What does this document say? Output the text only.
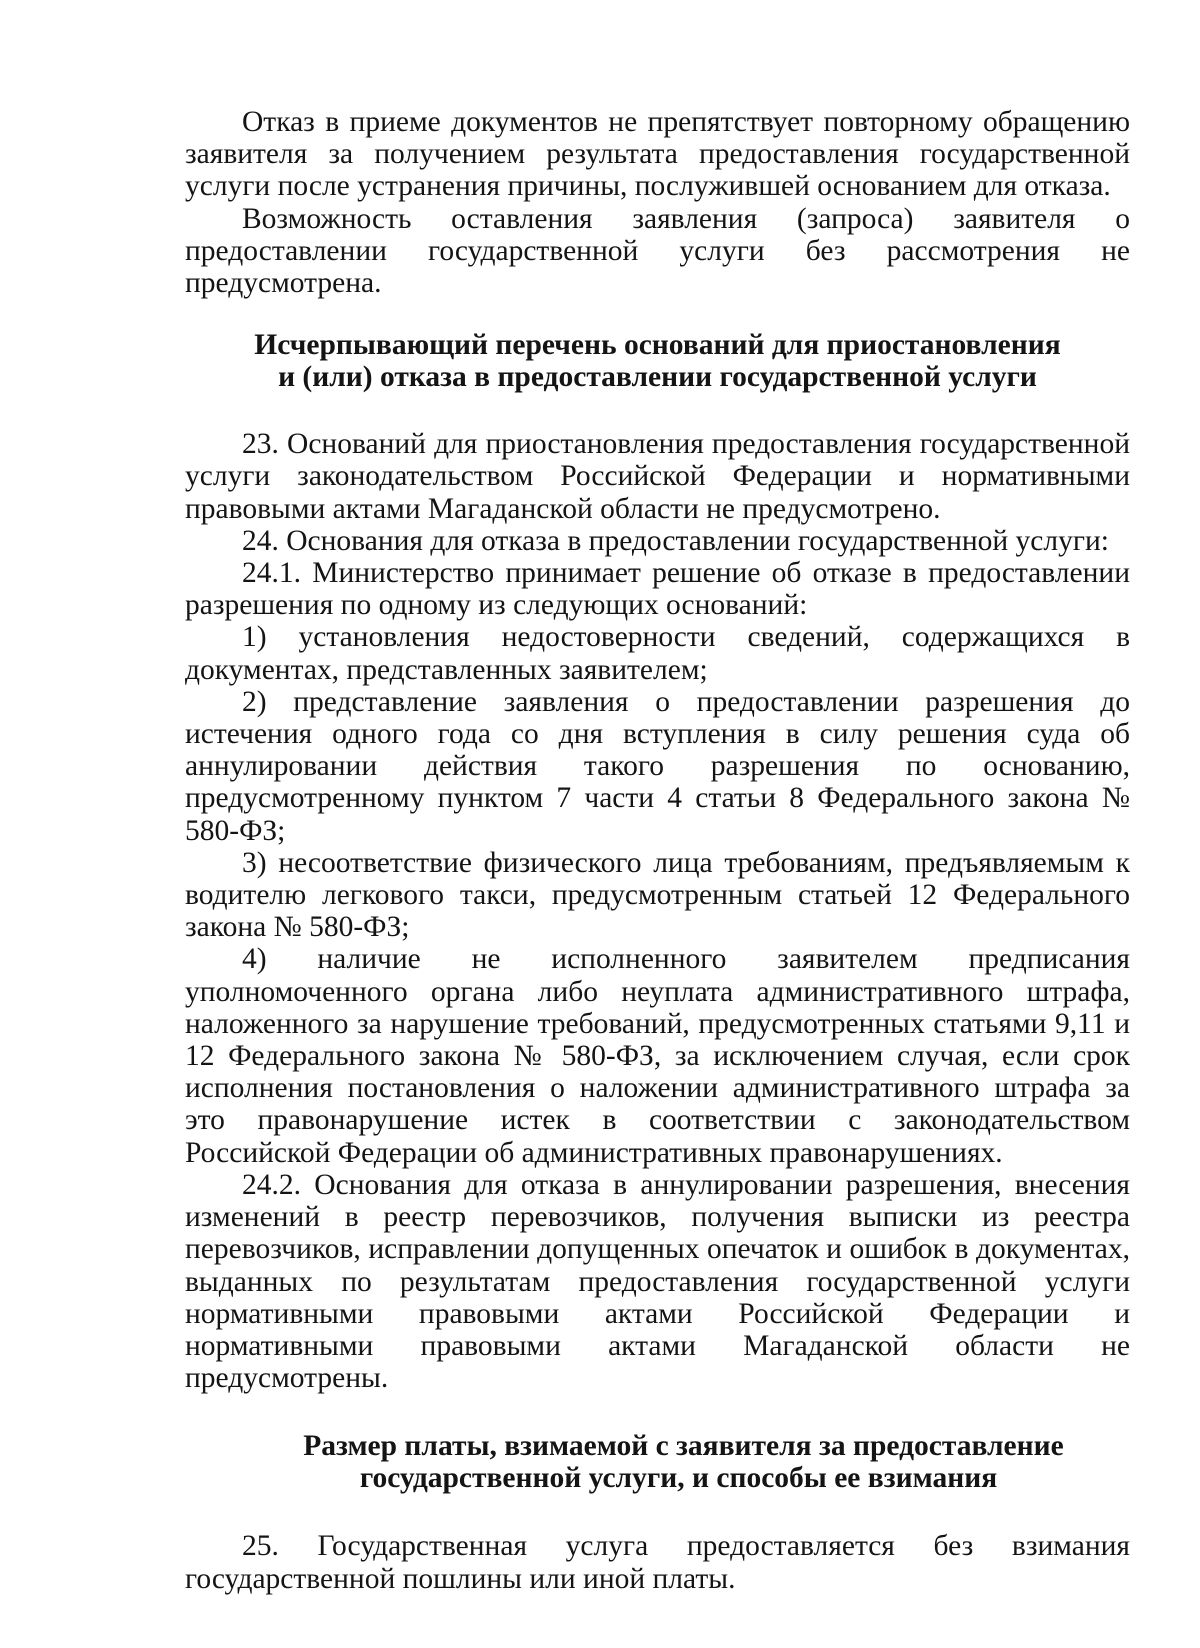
Отказ в приеме документов не препятствует повторному обращению заявителя за получением результата предоставления государственной услуги после устранения причины, послужившей основанием для отказа.

Возможность оставления заявления (запроса) заявителя о предоставлении государственной услуги без рассмотрения не предусмотрена.

Исчерпывающий перечень оснований для приостановления
и (или) отказа в предоставлении государственной услуги

23. Оснований для приостановления предоставления государственной услуги законодательством Российской Федерации и нормативными правовыми актами Магаданской области не предусмотрено.

24. Основания для отказа в предоставлении государственной услуги:

24.1. Министерство принимает решение об отказе в предоставлении разрешения по одному из следующих оснований:

1) установления недостоверности сведений, содержащихся в документах, представленных заявителем;

2) представление заявления о предоставлении разрешения до истечения одного года со дня вступления в силу решения суда об аннулировании действия такого разрешения по основанию, предусмотренному пунктом 7 части 4 статьи 8 Федерального закона № 580-ФЗ;

3) несоответствие физического лица требованиям, предъявляемым к водителю легкового такси, предусмотренным статьей 12 Федерального закона № 580-ФЗ;

4) наличие не исполненного заявителем предписания уполномоченного органа либо неуплата административного штрафа, наложенного за нарушение требований, предусмотренных статьями 9,11 и 12 Федерального закона № 580-ФЗ, за исключением случая, если срок исполнения постановления о наложении административного штрафа за это правонарушение истек в соответствии с законодательством Российской Федерации об административных правонарушениях.

24.2. Основания для отказа в аннулировании разрешения, внесения изменений в реестр перевозчиков, получения выписки из реестра перевозчиков, исправлении допущенных опечаток и ошибок в документах, выданных по результатам предоставления государственной услуги нормативными правовыми актами Российской Федерации и нормативными правовыми актами Магаданской области не предусмотрены.

Размер платы, взимаемой с заявителя за предоставление
государственной услуги, и способы ее взимания

25. Государственная услуга предоставляется без взимания государственной пошлины или иной платы.
